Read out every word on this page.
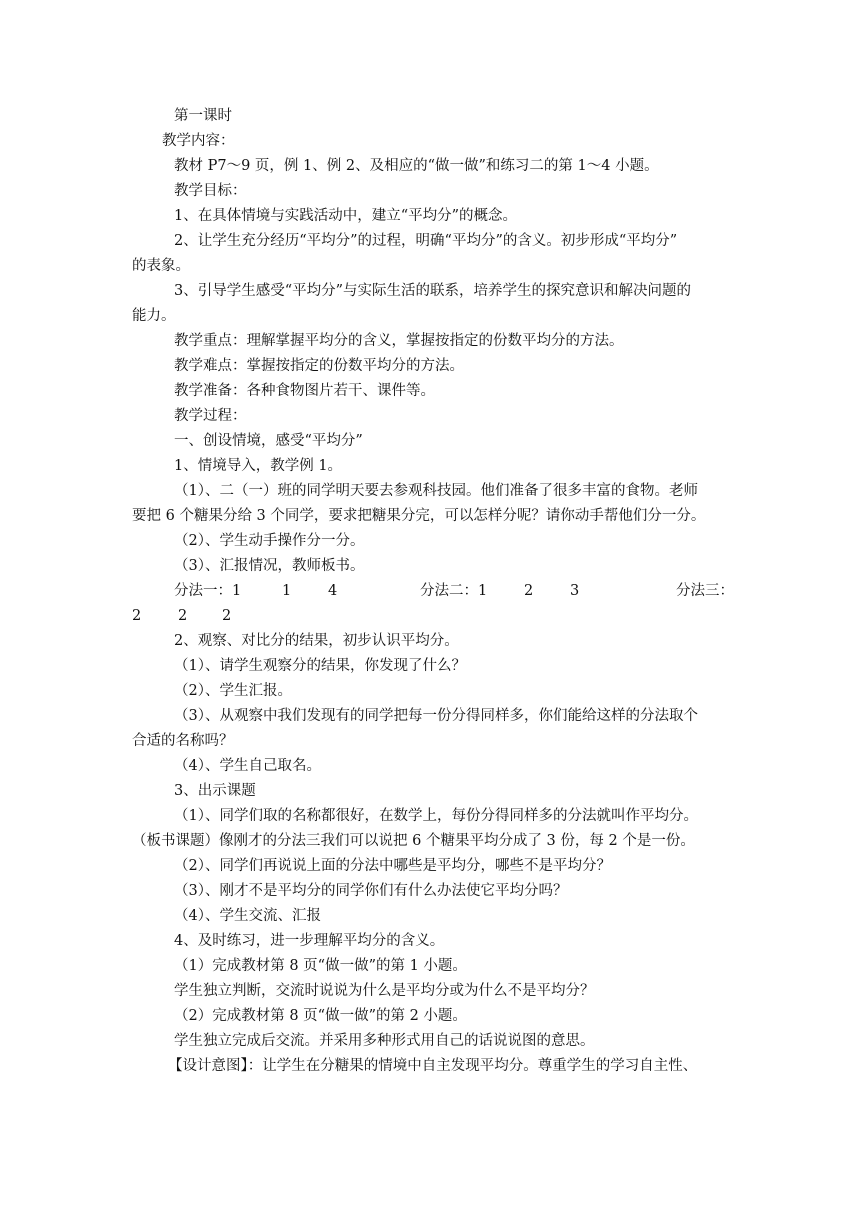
第一课时
教学内容：
教材 P7～9 页，例 1、例 2、及相应的“做一做”和练习二的第 1～4 小题。
教学目标：
1、在具体情境与实践活动中，建立“平均分”的概念。
2、让学生充分经历“平均分”的过程，明确“平均分”的含义。初步形成“平均分”
的表象。
3、引导学生感受“平均分”与实际生活的联系，培养学生的探究意识和解决问题的
能力。
教学重点：理解掌握平均分的含义，掌握按指定的份数平均分的方法。
教学难点：掌握按指定的份数平均分的方法。
教学准备：各种食物图片若干、课件等。
教学过程：
一、创设情境，感受“平均分”
1、情境导入，教学例 1。
（1）、二（一）班的同学明天要去参观科技园。他们准备了很多丰富的食物。老师
要把 6 个糖果分给 3 个同学，要求把糖果分完，可以怎样分呢？请你动手帮他们分一分。
（2）、学生动手操作分一分。
（3）、汇报情况，教师板书。
分法一：1	1	4	分法二：1	2	3	分法三：
2	2 2
2、观察、对比分的结果，初步认识平均分。
（1）、请学生观察分的结果，你发现了什么？
（2）、学生汇报。
（3）、从观察中我们发现有的同学把每一份分得同样多，你们能给这样的分法取个
合适的名称吗？
（4）、学生自己取名。
3、出示课题
（1）、同学们取的名称都很好，在数学上，每份分得同样多的分法就叫作平均分。
（板书课题）像刚才的分法三我们可以说把 6 个糖果平均分成了 3 份，每 2 个是一份。
（2）、同学们再说说上面的分法中哪些是平均分，哪些不是平均分？
（3）、刚才不是平均分的同学你们有什么办法使它平均分吗？
（4）、学生交流、汇报
4、及时练习，进一步理解平均分的含义。
（1）完成教材第 8 页“做一做”的第 1 小题。
学生独立判断，交流时说说为什么是平均分或为什么不是平均分？
（2）完成教材第 8 页“做一做”的第 2 小题。
学生独立完成后交流。并采用多种形式用自己的话说说图的意思。
【设计意图】：让学生在分糖果的情境中自主发现平均分。尊重学生的学习自主性、
